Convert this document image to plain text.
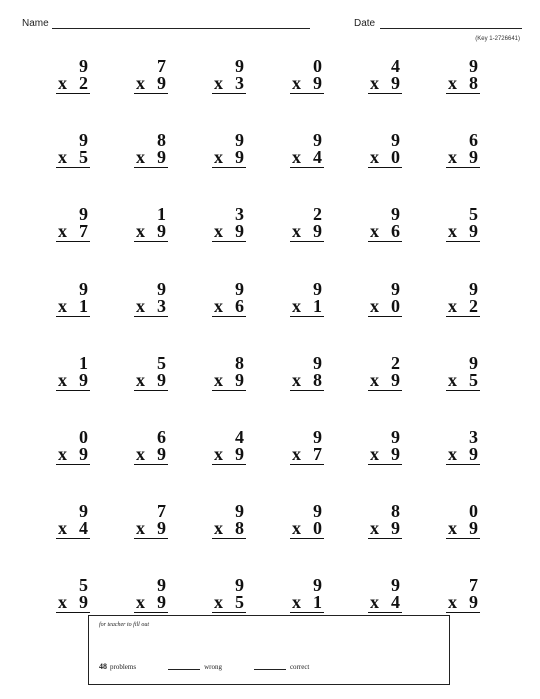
Name	Date
(Key 1-2726641)
9
x 2
7
x 9
9
x 3
0
x 9
4
x 9
9
x 8
9
x 5
8
x 9
9
x 9
9
x 4
9
x 0
6
x 9
9
x 7
1
x 9
3
x 9
2
x 9
9
x 6
5
x 9
9
x 1
9
x 3
9
x 6
9
x 1
9
x 0
9
x 2
1
x 9
5
x 9
8
x 9
9
x 8
2
x 9
9
x 5
0
x 9
6
x 9
4
x 9
9
x 7
9
x 9
3
x 9
9
x 4
7
x 9
9
x 8
9
x 0
8
x 9
0
x 9
5
x 9
9
x 9
9
x 5
9
x 1
9
x 4
7
x 9
for teacher to fill out
48 problems	wrong	correct
